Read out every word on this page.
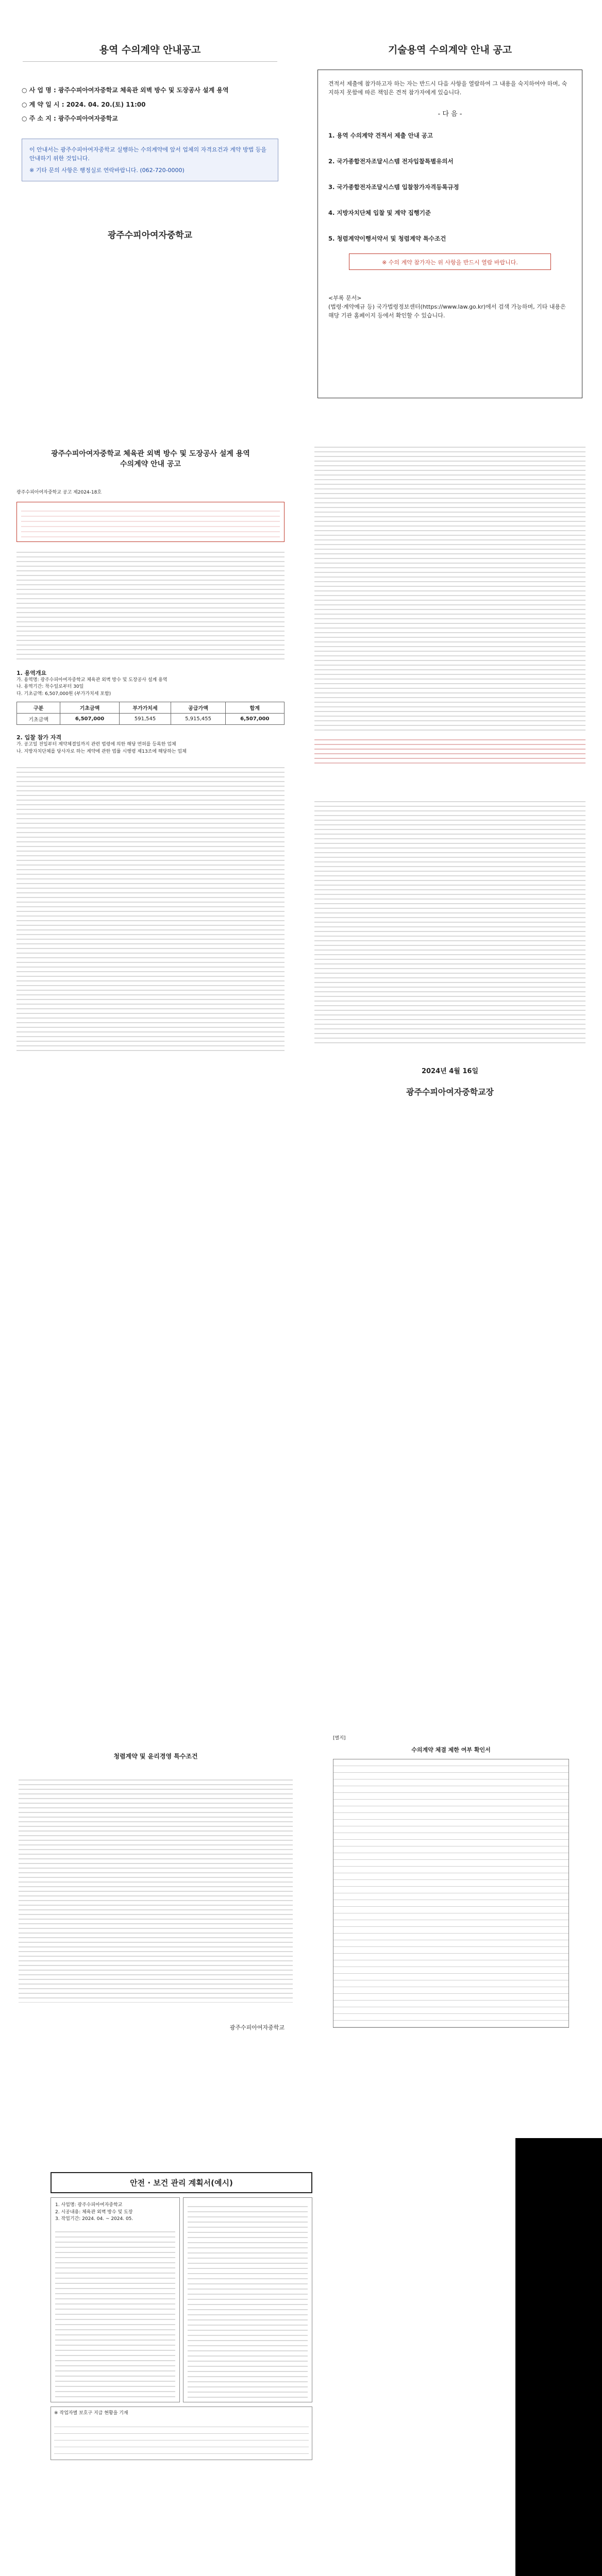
용역 수의계약 안내공고
○ 사 업 명 : 광주수피아여자중학교 체육관 외벽 방수 및 도장공사 설계 용역
○ 계 약 일 시 : 2024. 04. 20.(토) 11:00
○ 주 소 지 : 광주수피아여자중학교
이 안내서는 광주수피아여자중학교 실행하는 수의계약에 앞서 업체의 자격요건과 계약 방법 등을 안내하기 위한 것입니다.
※ 기타 문의 사항은 행정실로 연락바랍니다. (062-720-0000)
광주수피아여자중학교
기술용역 수의계약 안내 공고
견적서 제출에 참가하고자 하는 자는 반드시 다음 사항을 열람하여 그 내용을 숙지하여야 하며, 숙지하지 못함에 따른 책임은 견적 참가자에게 있습니다.
- 다 음 -
1. 용역 수의계약 견적서 제출 안내 공고
2. 국가종합전자조달시스템 전자입찰특별유의서
3. 국가종합전자조달시스템 입찰참가자격등록규정
4. 지방자치단체 입찰 및 계약 집행기준
5. 청렴계약이행서약서 및 청렴계약 특수조건
※ 수의 계약 참가자는 위 사항을 반드시 열람 바랍니다.
<부록 문서>
(법령·계약예규 등) 국가법령정보센터(https://www.law.go.kr)에서 검색 가능하며, 기타 내용은 해당 기관 홈페이지 등에서 확인할 수 있습니다.
광주수피아여자중학교 체육관 외벽 방수 및 도장공사 설계 용역
수의계약 안내 공고
광주수피아여자중학교 공고 제2024-18호
1. 용역개요
가. 용역명: 광주수피아여자중학교 체육관 외벽 방수 및 도장공사 설계 용역
나. 용역기간: 착수일로부터 30일
다. 기초금액: 6,507,000원 (부가가치세 포함)
구분	기초금액	부가가치세	공급가액	합계
기초금액	6,507,000	591,545	5,915,455	6,507,000
2. 입찰 참가 자격
가. 공고일 전일부터 계약체결일까지 관련 법령에 의한 해당 면허를 등록한 업체
나. 지방자치단체를 당사자로 하는 계약에 관한 법률 시행령 제13조에 해당하는 업체
2024년 4월 16일
광주수피아여자중학교장
청렴계약 및 윤리경영 특수조건
광주수피아여자중학교
[별지]
수의계약 체결 제한 여부 확인서
안전 · 보건 관리 계획서(예시)
1. 사업명: 광주수피아여자중학교
2. 시공내용: 체육관 외벽 방수 및 도장
3. 작업기간: 2024. 04. ~ 2024. 05.
※ 작업자별 보호구 지급 현황을 기재
